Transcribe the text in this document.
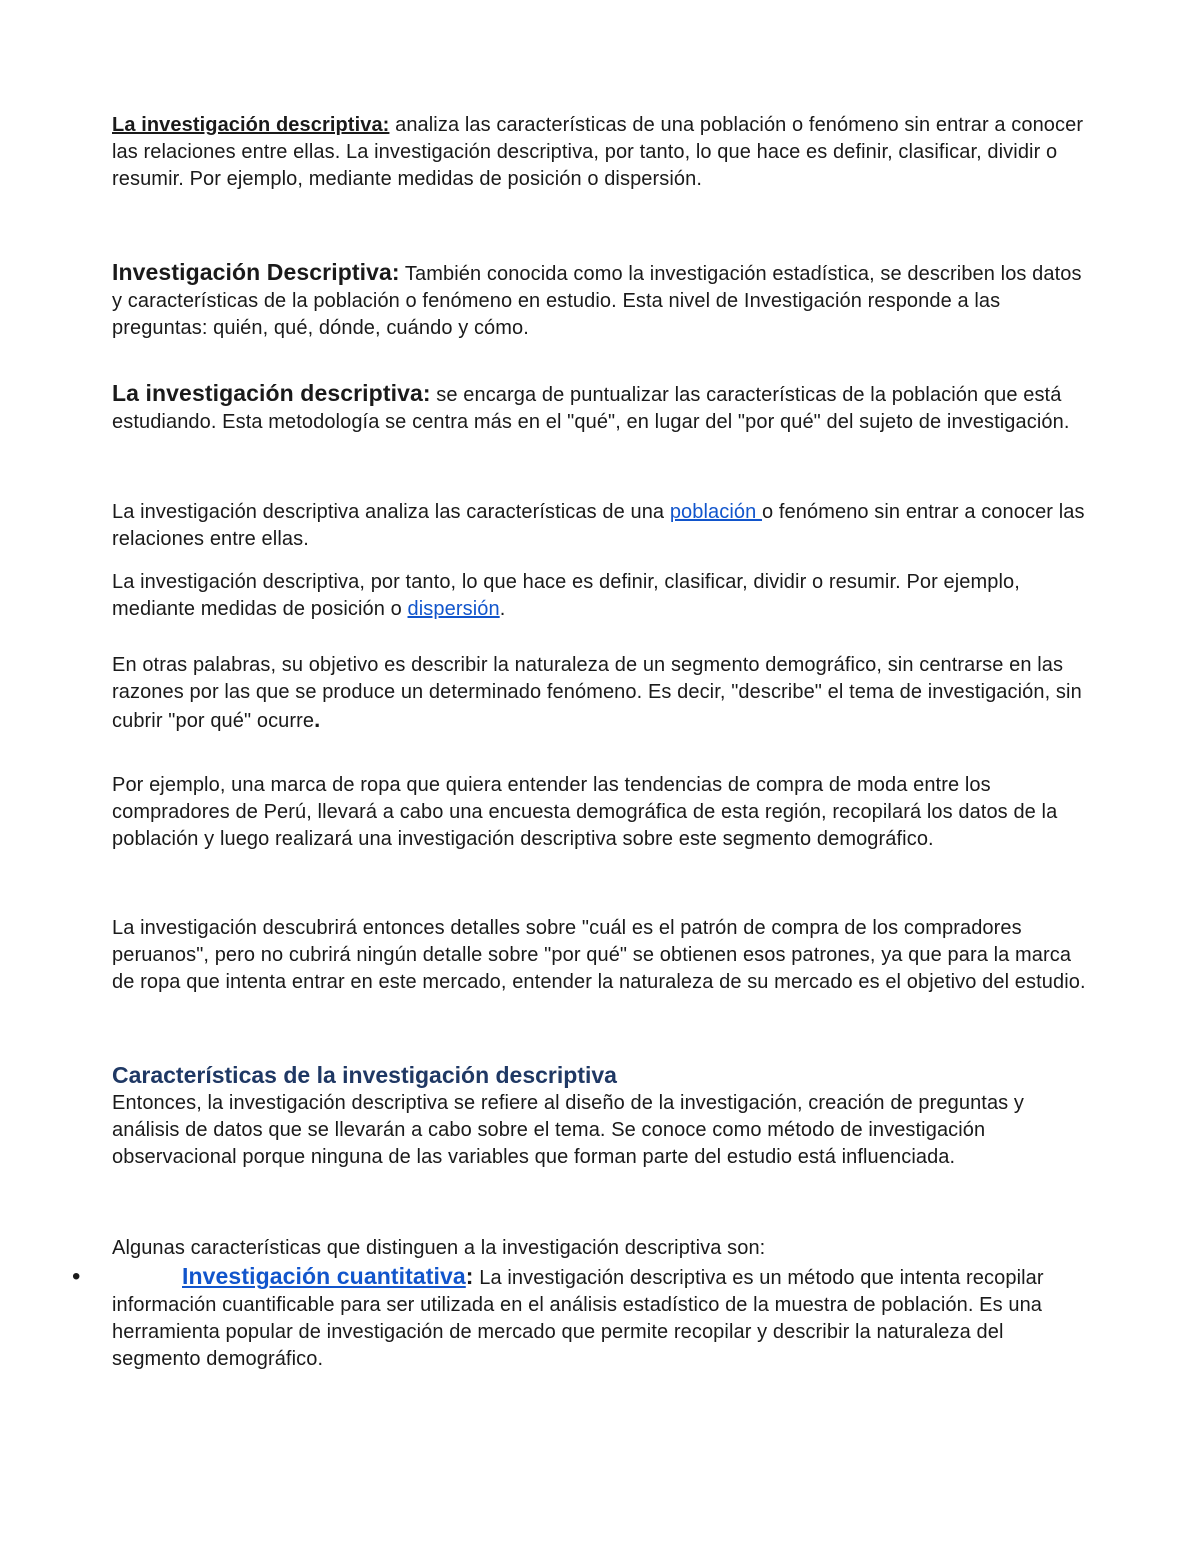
La investigación descriptiva: analiza las características de una población o fenómeno sin entrar a conocer las relaciones entre ellas. La investigación descriptiva, por tanto, lo que hace es definir, clasificar, dividir o resumir. Por ejemplo, mediante medidas de posición o dispersión.

Investigación Descriptiva: También conocida como la investigación estadística, se describen los datos y características de la población o fenómeno en estudio. Esta nivel de Investigación responde a las preguntas: quién, qué, dónde, cuándo y cómo.

La investigación descriptiva: se encarga de puntualizar las características de la población que está estudiando. Esta metodología se centra más en el "qué", en lugar del "por qué" del sujeto de investigación.

La investigación descriptiva analiza las características de una población o fenómeno sin entrar a conocer las relaciones entre ellas.

La investigación descriptiva, por tanto, lo que hace es definir, clasificar, dividir o resumir. Por ejemplo, mediante medidas de posición o dispersión.

En otras palabras, su objetivo es describir la naturaleza de un segmento demográfico, sin centrarse en las razones por las que se produce un determinado fenómeno. Es decir, "describe" el tema de investigación, sin cubrir "por qué" ocurre.

Por ejemplo, una marca de ropa que quiera entender las tendencias de compra de moda entre los compradores de Perú, llevará a cabo una encuesta demográfica de esta región, recopilará los datos de la población y luego realizará una investigación descriptiva sobre este segmento demográfico.

La investigación descubrirá entonces detalles sobre "cuál es el patrón de compra de los compradores peruanos", pero no cubrirá ningún detalle sobre "por qué" se obtienen esos patrones, ya que para la marca de ropa que intenta entrar en este mercado, entender la naturaleza de su mercado es el objetivo del estudio.

Características de la investigación descriptiva

Entonces, la investigación descriptiva se refiere al diseño de la investigación, creación de preguntas y análisis de datos que se llevarán a cabo sobre el tema. Se conoce como método de investigación observacional porque ninguna de las variables que forman parte del estudio está influenciada.

Algunas características que distinguen a la investigación descriptiva son:

•	Investigación cuantitativa: La investigación descriptiva es un método que intenta recopilar información cuantificable para ser utilizada en el análisis estadístico de la muestra de población. Es una herramienta popular de investigación de mercado que permite recopilar y describir la naturaleza del segmento demográfico.
